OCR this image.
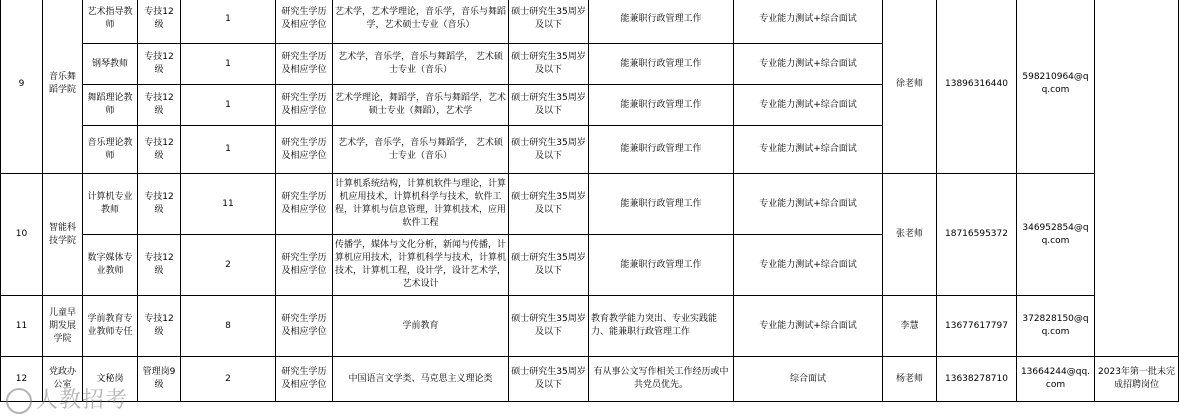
9	音乐舞蹈学院	艺术指导教师	专技12级	1	研究生学历及相应学位	艺术学，艺术学理论，音乐学，音乐与舞蹈学，艺术硕士专业（音乐）	硕士研究生35周岁及以下	能兼职行政管理工作	专业能力测试+综合面试	徐老师	13896316440	598210964@qq.com	
		钢琴教师	专技12级	1	研究生学历及相应学位	艺术学，音乐学，音乐与舞蹈学， 艺术硕士专业（音乐）	硕士研究生35周岁及以下	能兼职行政管理工作	专业能力测试+综合面试				
		舞蹈理论教师	专技12级	1	研究生学历及相应学位	艺术学理论，舞蹈学，音乐与舞蹈学，艺术硕士专业（舞蹈），艺术学	硕士研究生35周岁及以下	能兼职行政管理工作	专业能力测试+综合面试				
		音乐理论教师	专技12级	1	研究生学历及相应学位	艺术学，音乐学，音乐与舞蹈学， 艺术硕士专业（音乐）	硕士研究生35周岁及以下	能兼职行政管理工作	专业能力测试+综合面试				
10	智能科技学院	计算机专业教师	专技12级	11	研究生学历及相应学位	计算机系统结构，计算机软件与理论，计算机应用技术，计算机科学与技术，软件工程，计算机与信息管理，计算机技术，应用软件工程	硕士研究生35周岁及以下	能兼职行政管理工作	专业能力测试+综合面试	张老师	18716595372	346952854@qq.com	
		数字媒体专业教师	专技12级	2	研究生学历及相应学位	传播学，媒体与文化分析，新闻与传播，计算机应用技术，计算机科学与技术，计算机技术，计算机工程，设计学，设计艺术学，艺术设计	硕士研究生35周岁及以下	能兼职行政管理工作	专业能力测试+综合面试				
11	儿童早期发展学院	学前教育专业教师专任	专技12级	8	研究生学历及相应学位	学前教育	硕士研究生35周岁及以下	教育教学能力突出、专业实践能力、能兼职行政管理工作	专业能力测试+综合面试	李慧	13677617797	372828150@qq.com	
12	党政办公室	文秘岗	管理岗9级	2	研究生学历及相应学位	中国语言文学类、马克思主义理论类	硕士研究生35周岁及以下	有从事公文写作相关工作经历或中共党员优先。	综合面试	杨老师	13638278710	13664244@qq.com	2023年第一批未完成招聘岗位
人教招考
